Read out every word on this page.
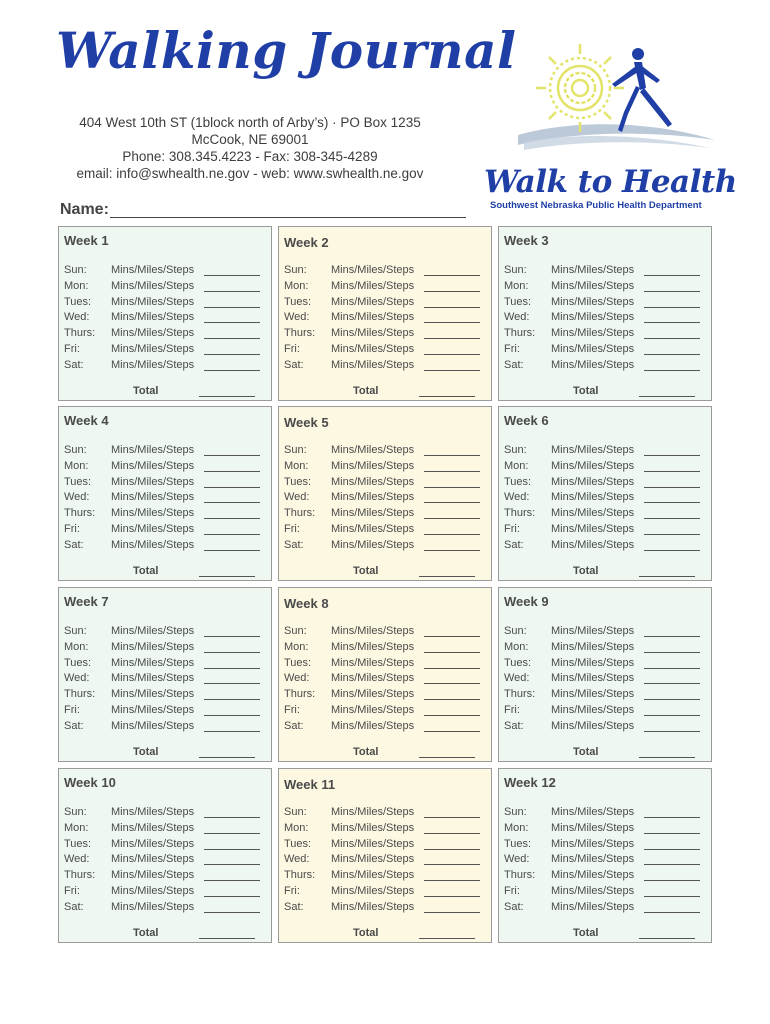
Walking Journal
404 West 10th ST (1block north of Arby’s) · PO Box 1235
McCook, NE 69001
Phone: 308.345.4223 - Fax: 308-345-4289
email: info@swhealth.ne.gov - web: www.swhealth.ne.gov	Walk to Health
Southwest Nebraska Public Health Department
Name:
Week 1
Sun:	Mins/Miles/Steps
Mon:	Mins/Miles/Steps
Tues:	Mins/Miles/Steps
Wed:	Mins/Miles/Steps
Thurs:	Mins/Miles/Steps
Fri:	Mins/Miles/Steps
Sat:	Mins/Miles/Steps
Total
Week 2
Sun:	Mins/Miles/Steps
Mon:	Mins/Miles/Steps
Tues:	Mins/Miles/Steps
Wed:	Mins/Miles/Steps
Thurs:	Mins/Miles/Steps
Fri:	Mins/Miles/Steps
Sat:	Mins/Miles/Steps
Total
Week 3
Sun:	Mins/Miles/Steps
Mon:	Mins/Miles/Steps
Tues:	Mins/Miles/Steps
Wed:	Mins/Miles/Steps
Thurs:	Mins/Miles/Steps
Fri:	Mins/Miles/Steps
Sat:	Mins/Miles/Steps
Total
Week 4
Sun:	Mins/Miles/Steps
Mon:	Mins/Miles/Steps
Tues:	Mins/Miles/Steps
Wed:	Mins/Miles/Steps
Thurs:	Mins/Miles/Steps
Fri:	Mins/Miles/Steps
Sat:	Mins/Miles/Steps
Total
Week 5
Sun:	Mins/Miles/Steps
Mon:	Mins/Miles/Steps
Tues:	Mins/Miles/Steps
Wed:	Mins/Miles/Steps
Thurs:	Mins/Miles/Steps
Fri:	Mins/Miles/Steps
Sat:	Mins/Miles/Steps
Total
Week 6
Sun:	Mins/Miles/Steps
Mon:	Mins/Miles/Steps
Tues:	Mins/Miles/Steps
Wed:	Mins/Miles/Steps
Thurs:	Mins/Miles/Steps
Fri:	Mins/Miles/Steps
Sat:	Mins/Miles/Steps
Total
Week 7
Sun:	Mins/Miles/Steps
Mon:	Mins/Miles/Steps
Tues:	Mins/Miles/Steps
Wed:	Mins/Miles/Steps
Thurs:	Mins/Miles/Steps
Fri:	Mins/Miles/Steps
Sat:	Mins/Miles/Steps
Total
Week 8
Sun:	Mins/Miles/Steps
Mon:	Mins/Miles/Steps
Tues:	Mins/Miles/Steps
Wed:	Mins/Miles/Steps
Thurs:	Mins/Miles/Steps
Fri:	Mins/Miles/Steps
Sat:	Mins/Miles/Steps
Total
Week 9
Sun:	Mins/Miles/Steps
Mon:	Mins/Miles/Steps
Tues:	Mins/Miles/Steps
Wed:	Mins/Miles/Steps
Thurs:	Mins/Miles/Steps
Fri:	Mins/Miles/Steps
Sat:	Mins/Miles/Steps
Total
Week 10
Sun:	Mins/Miles/Steps
Mon:	Mins/Miles/Steps
Tues:	Mins/Miles/Steps
Wed:	Mins/Miles/Steps
Thurs:	Mins/Miles/Steps
Fri:	Mins/Miles/Steps
Sat:	Mins/Miles/Steps
Total
Week 11
Sun:	Mins/Miles/Steps
Mon:	Mins/Miles/Steps
Tues:	Mins/Miles/Steps
Wed:	Mins/Miles/Steps
Thurs:	Mins/Miles/Steps
Fri:	Mins/Miles/Steps
Sat:	Mins/Miles/Steps
Total
Week 12
Sun:	Mins/Miles/Steps
Mon:	Mins/Miles/Steps
Tues:	Mins/Miles/Steps
Wed:	Mins/Miles/Steps
Thurs:	Mins/Miles/Steps
Fri:	Mins/Miles/Steps
Sat:	Mins/Miles/Steps
Total
